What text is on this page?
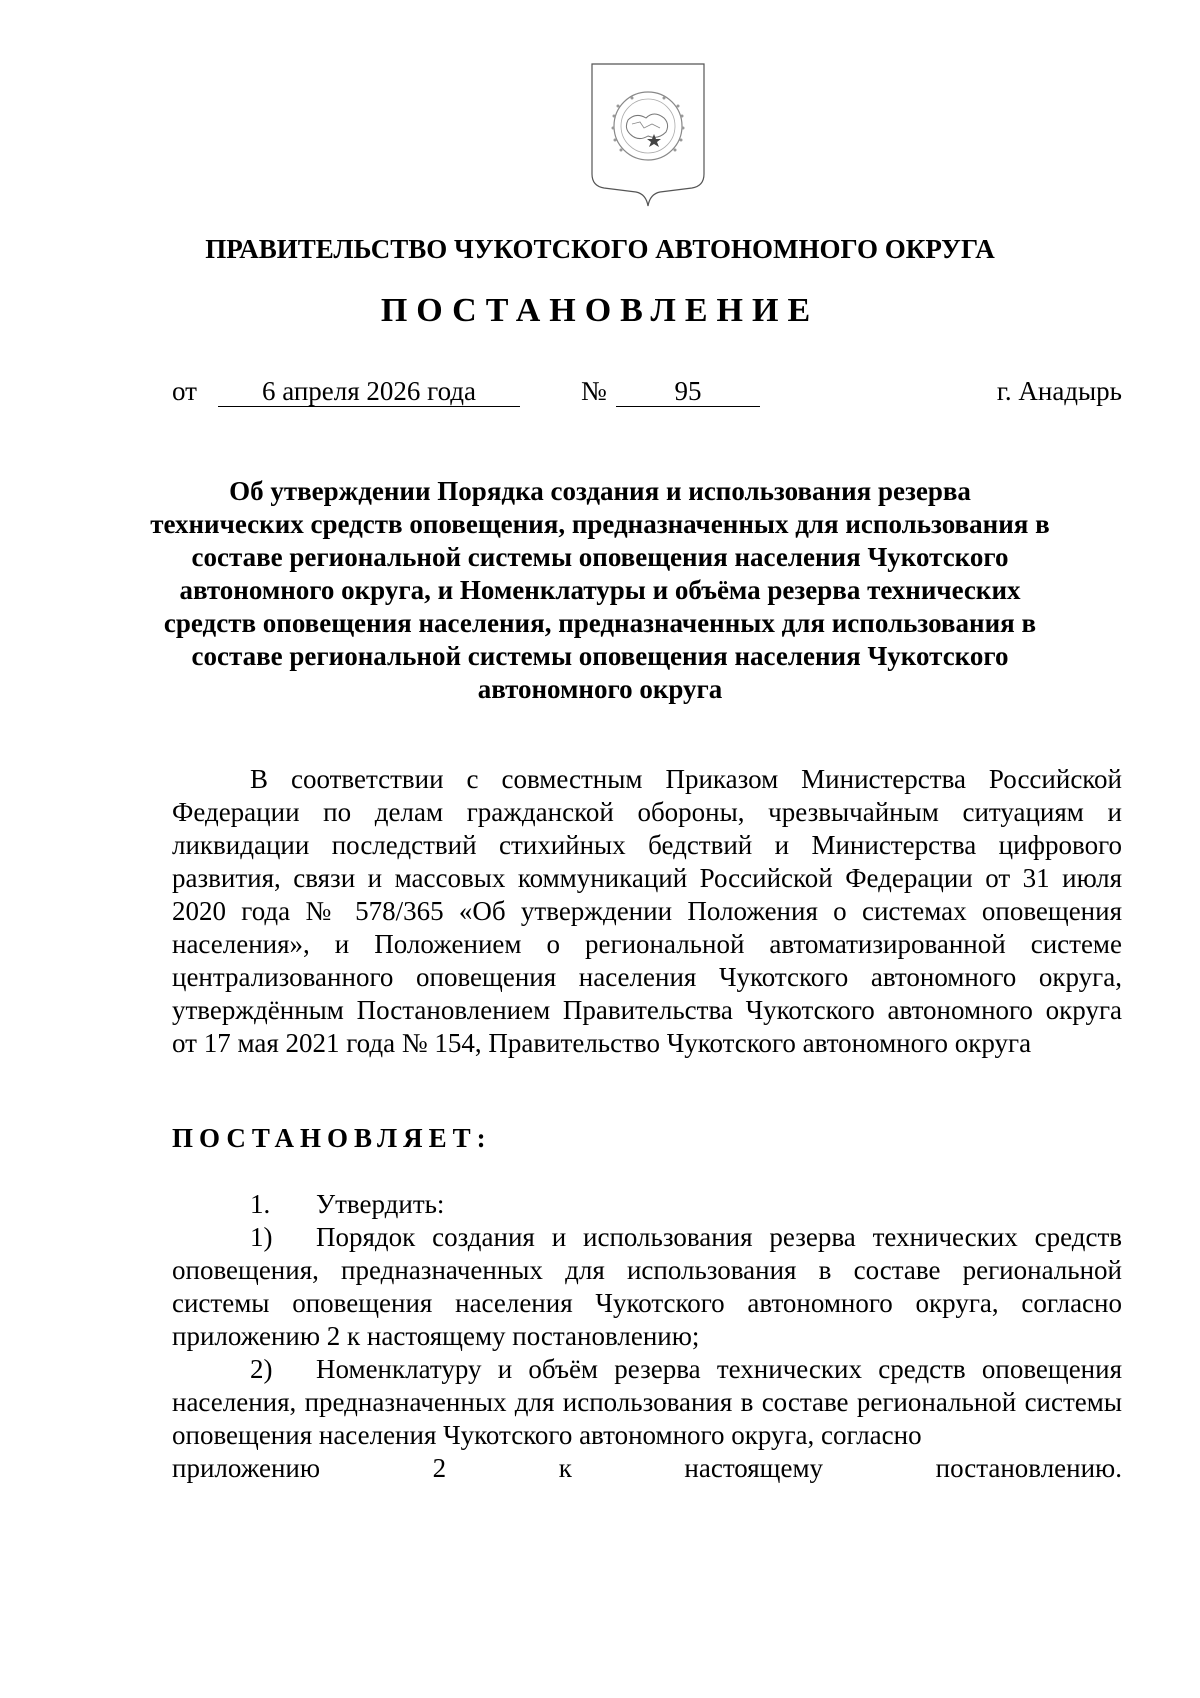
ПРАВИТЕЛЬСТВО ЧУКОТСКОГО АВТОНОМНОГО ОКРУГА
ПОСТАНОВЛЕНИЕ
от	6 апреля 2026 года	№	95	г. Анадырь
Об утверждении Порядка создания и использования резерва технических средств оповещения, предназначенных для использования в составе региональной системы оповещения населения Чукотского автономного округа, и Номенклатуры и объёма резерва технических средств оповещения населения, предназначенных для использования в составе региональной системы оповещения населения Чукотского автономного округа
В соответствии с совместным Приказом Министерства Российской Федерации по делам гражданской обороны, чрезвычайным ситуациям и ликвидации последствий стихийных бедствий и Министерства цифрового развития, связи и массовых коммуникаций Российской Федерации от 31 июля 2020 года № 578/365 «Об утверждении Положения о системах оповещения населения», и Положением о региональной автоматизированной системе централизованного оповещения населения Чукотского автономного округа, утверждённым Постановлением Правительства Чукотского автономного округа от 17 мая 2021 года № 154, Правительство Чукотского автономного округа
ПОСТАНОВЛЯЕТ:

1. Утвердить:

1) Порядок создания и использования резерва технических средств оповещения, предназначенных для использования в составе региональной системы оповещения населения Чукотского автономного округа, согласно приложению 2 к настоящему постановлению;

2) Номенклатуру и объём резерва технических средств оповещения населения, предназначенных для использования в составе региональной системы оповещения населения Чукотского автономного округа, согласно

приложению	2	к	настоящему	постановлению.
